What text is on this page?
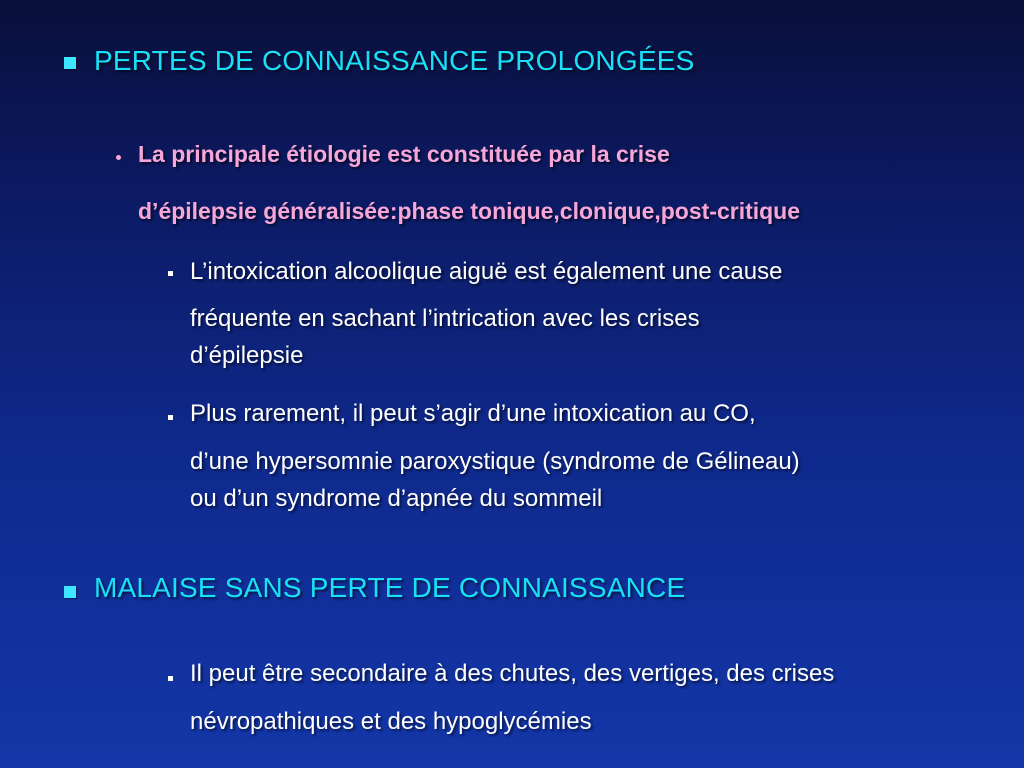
PERTES DE CONNAISSANCE PROLONGÉES
La principale étiologie est constituée par la crise
d’épilepsie généralisée:phase tonique,clonique,post-critique
L’intoxication alcoolique aiguë est également une cause
fréquente en sachant l’intrication avec les crises
d’épilepsie
Plus rarement, il peut s’agir d’une intoxication au CO,
d’une hypersomnie paroxystique (syndrome de Gélineau)
ou d’un syndrome d’apnée du sommeil
MALAISE SANS PERTE DE CONNAISSANCE
Il peut être secondaire à des chutes, des vertiges, des crises
névropathiques et des hypoglycémies
